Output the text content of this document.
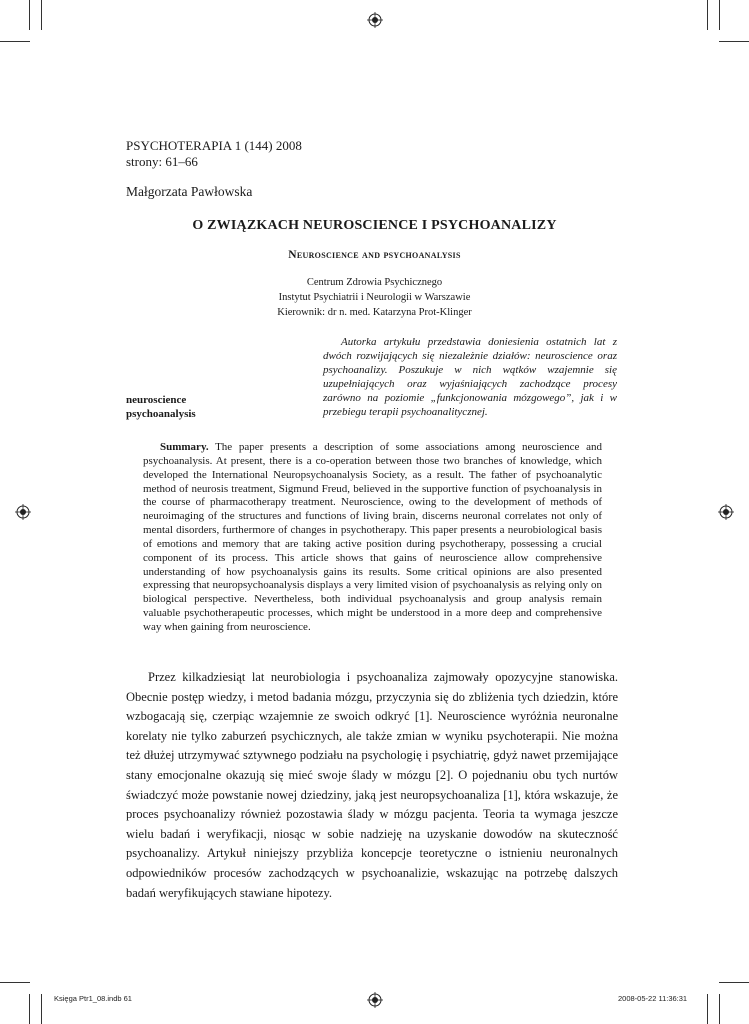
PSYCHOTERAPIA 1 (144) 2008
strony: 61–66
Małgorzata Pawłowska
O ZWIĄZKACH NEUROSCIENCE I PSYCHOANALIZY
Neuroscience and psychoanalysis
Centrum Zdrowia Psychicznego
Instytut Psychiatrii i Neurologii w Warszawie
Kierownik: dr n. med. Katarzyna Prot-Klinger
Autorka artykułu przedstawia doniesienia ostatnich lat z dwóch rozwijających się niezależnie działów: neuroscience oraz psychoanalizy. Poszukuje w nich wątków wzajemnie się uzupełniających oraz wyjaśniających zachodzące procesy zarówno na poziomie „funkcjonowania mózgowego”, jak i w przebiegu terapii psychoanalitycznej.
neuroscience
psychoanalysis
Summary. The paper presents a description of some associations among neuroscience and psychoanalysis. At present, there is a co-operation between those two branches of knowledge, which developed the International Neuropsychoanalysis Society, as a result. The father of psychoanalytic method of neurosis treatment, Sigmund Freud, believed in the supportive function of psychoanalysis in the course of pharmacotherapy treatment. Neuroscience, owing to the development of methods of neuroimaging of the structures and functions of living brain, discerns neuronal correlates not only of mental disorders, furthermore of changes in psychotherapy. This paper presents a neurobiological basis of emotions and memory that are taking active position during psychotherapy, possessing a crucial component of its process. This article shows that gains of neuroscience allow comprehensive understanding of how psychoanalysis gains its results. Some critical opinions are also presented expressing that neuropsychoanalysis displays a very limited vision of psychoanalysis as relying only on biological perspective. Nevertheless, both individual psychoanalysis and group analysis remain valuable psychotherapeutic processes, which might be understood in a more deep and comprehensive way when gaining from neuroscience.
Przez kilkadziesiąt lat neurobiologia i psychoanaliza zajmowały opozycyjne stanowiska. Obecnie postęp wiedzy, i metod badania mózgu, przyczynia się do zbliżenia tych dziedzin, które wzbogacają się, czerpiąc wzajemnie ze swoich odkryć [1]. Neuroscience wyróżnia neuronalne korelaty nie tylko zaburzeń psychicznych, ale także zmian w wyniku psychoterapii. Nie można też dłużej utrzymywać sztywnego podziału na psychologię i psychiatrię, gdyż nawet przemijające stany emocjonalne okazują się mieć swoje ślady w mózgu [2]. O pojednaniu obu tych nurtów świadczyć może powstanie nowej dziedziny, jaką jest neuropsychoanaliza [1], która wskazuje, że proces psychoanalizy również pozostawia ślady w mózgu pacjenta. Teoria ta wymaga jeszcze wielu badań i weryfikacji, niosąc w sobie nadzieję na uzyskanie dowodów na skuteczność psychoanalizy. Artykuł niniejszy przybliża koncepcje teoretyczne o istnieniu neuronalnych odpowiedników procesów zachodzących w psychoanalizie, wskazując na potrzebę dalszych badań weryfikujących stawiane hipotezy.
Księga Ptr1_08.indb 61	2008-05-22 11:36:31
